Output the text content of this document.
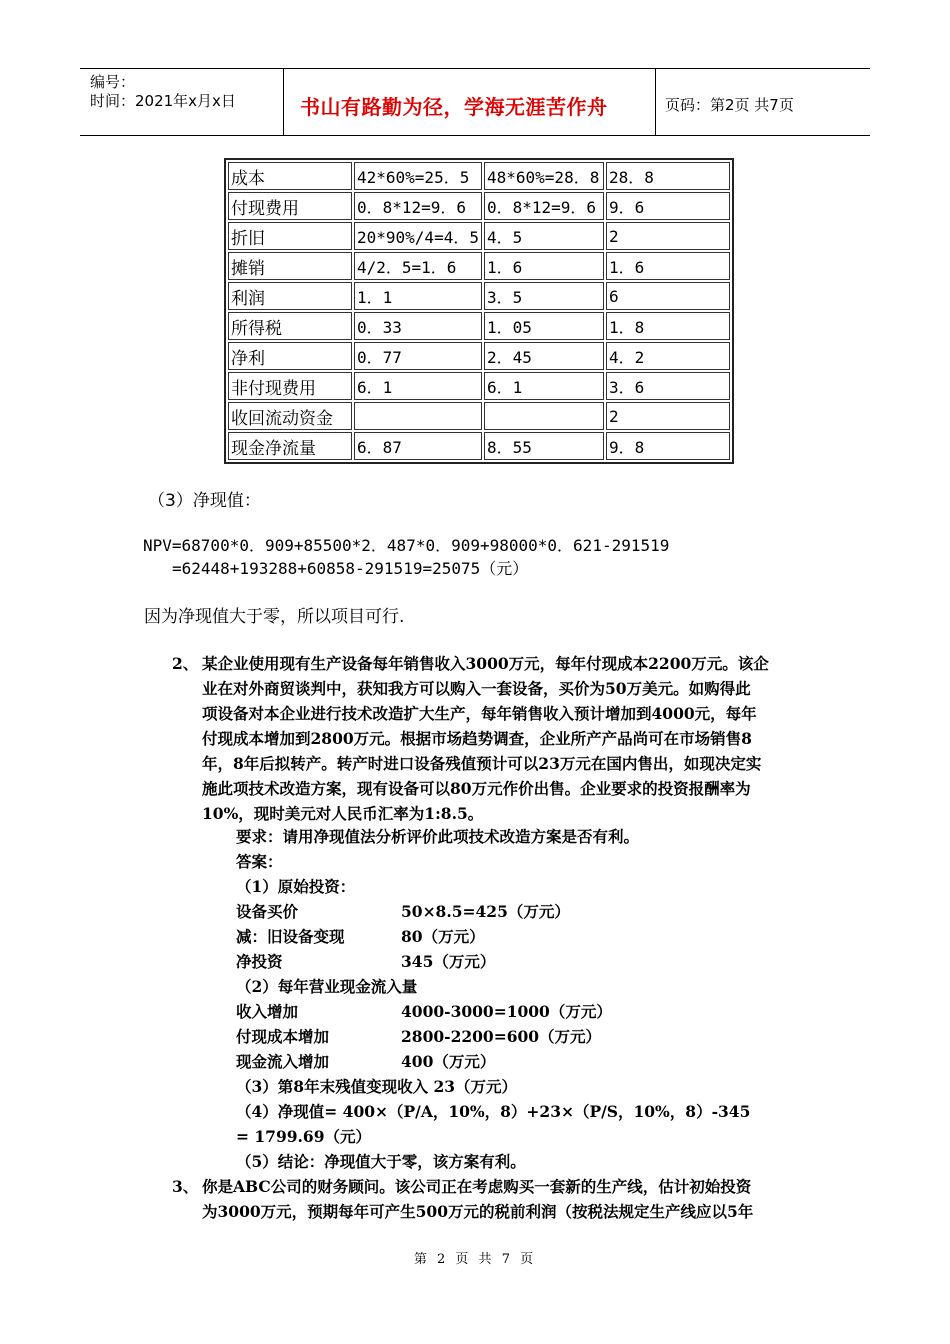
编号：
时间：2021年x月x日	书山有路勤为径，学海无涯苦作舟	页码：第2页 共7页
成本	42*60%=25．5	48*60%=28．8	28．8
付现费用	0．8*12=9．6	0．8*12=9．6	9．6
折旧	20*90%/4=4．5	4．5	2
摊销	4/2．5=1．6	1．6	1．6
利润	1．1	3．5	6
所得税	0．33	1．05	1．8
净利	0．77	2．45	4．2
非付现费用	6．1	6．1	3．6
收回流动资金			2
现金净流量	6．87	8．55	9．8
（3）净现值：
NPV=68700*0．909+85500*2．487*0．909+98000*0．621-291519
=62448+193288+60858-291519=25075（元）
因为净现值大于零，所以项目可行.
2、 某企业使用现有生产设备每年销售收入3000万元，每年付现成本2200万元。该企
业在对外商贸谈判中，获知我方可以购入一套设备，买价为50万美元。如购得此
项设备对本企业进行技术改造扩大生产，每年销售收入预计增加到4000元，每年
付现成本增加到2800万元。根据市场趋势调查，企业所产产品尚可在市场销售8
年，8年后拟转产。转产时进口设备残值预计可以23万元在国内售出，如现决定实
施此项技术改造方案，现有设备可以80万元作价出售。企业要求的投资报酬率为
10%，现时美元对人民币汇率为1:8.5。
要求：请用净现值法分析评价此项技术改造方案是否有利。
答案：
（1）原始投资：
设备买价	50×8.5=425（万元）
减：旧设备变现	80（万元）
净投资	345（万元）
（2）每年营业现金流入量
收入增加	4000-3000=1000（万元）
付现成本增加	2800-2200=600（万元）
现金流入增加	400（万元）
（3）第8年末残值变现收入 23（万元）
（4）净现值= 400×（P/A，10%，8）+23×（P/S，10%，8）-345
= 1799.69（元）
（5）结论：净现值大于零，该方案有利。
3、 你是ABC公司的财务顾问。该公司正在考虑购买一套新的生产线，估计初始投资
为3000万元，预期每年可产生500万元的税前利润（按税法规定生产线应以5年
第 2 页 共 7 页
